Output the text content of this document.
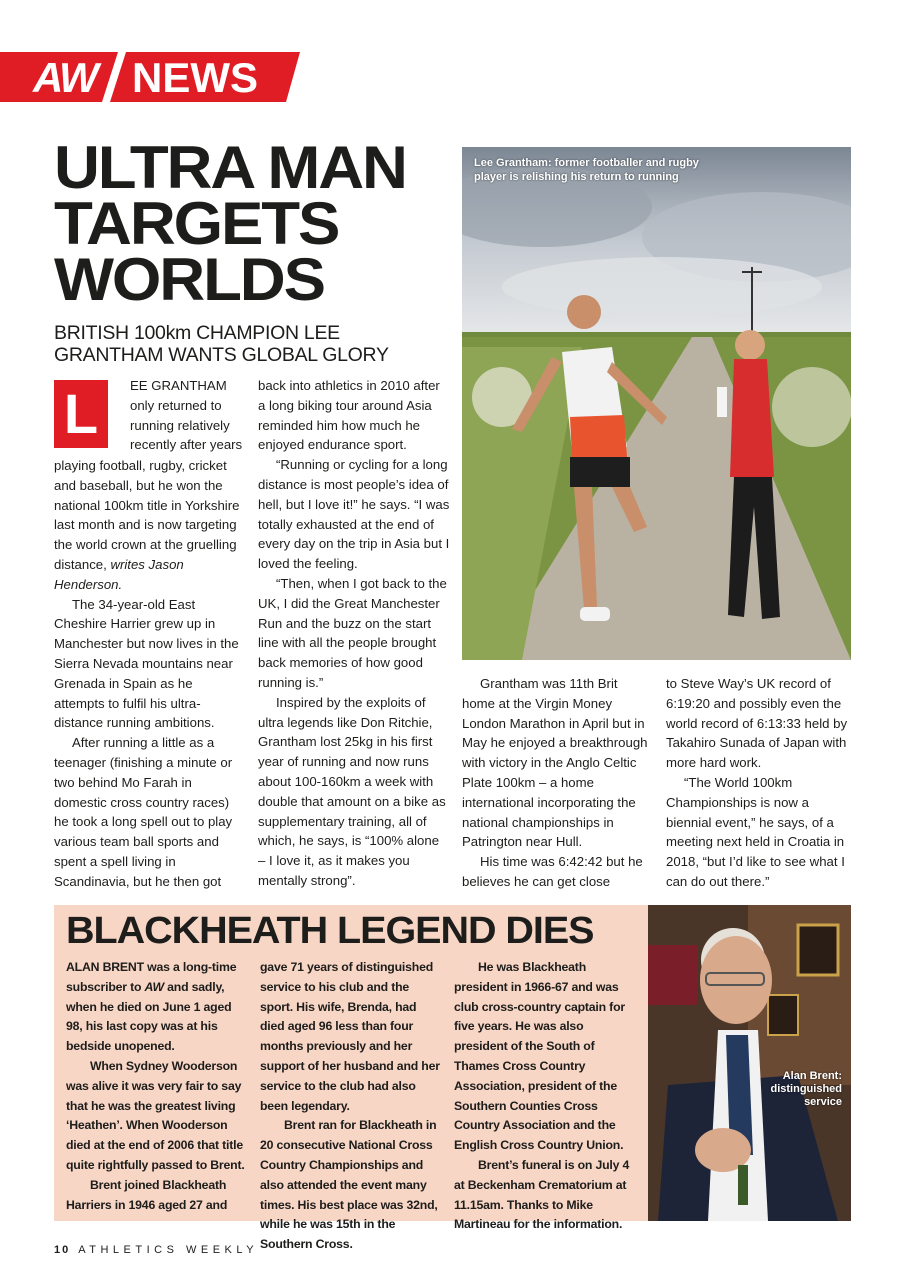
AW NEWS
ULTRA MAN
TARGETS
WORLDS
BRITISH 100km CHAMPION LEE GRANTHAM WANTS GLOBAL GLORY
Lee Grantham: former footballer and rugby player is relishing his return to running
L	EE GRANTHAM
only returned to
running relatively
recently after years

playing football, rugby, cricket and baseball, but he won the national 100km title in Yorkshire last month and is now targeting the world crown at the gruelling distance, writes Jason Henderson.

The 34-year-old East Cheshire Harrier grew up in Manchester but now lives in the Sierra Nevada mountains near Grenada in Spain as he attempts to fulfil his ultra-distance running ambitions.

After running a little as a teenager (finishing a minute or two behind Mo Farah in domestic cross country races) he took a long spell out to play various team ball sports and spent a spell living in Scandinavia, but he then got

back into athletics in 2010 after a long biking tour around Asia reminded him how much he enjoyed endurance sport.

“Running or cycling for a long distance is most people’s idea of hell, but I love it!” he says. “I was totally exhausted at the end of every day on the trip in Asia but I loved the feeling.

“Then, when I got back to the UK, I did the Great Manchester Run and the buzz on the start line with all the people brought back memories of how good running is.”

Inspired by the exploits of ultra legends like Don Ritchie, Grantham lost 25kg in his first year of running and now runs about 100-160km a week with double that amount on a bike as supplementary training, all of which, he says, is “100% alone – I love it, as it makes you mentally strong”.

Grantham was 11th Brit home at the Virgin Money London Marathon in April but in May he enjoyed a breakthrough with victory in the Anglo Celtic Plate 100km – a home international incorporating the national championships in Patrington near Hull.

His time was 6:42:42 but he believes he can get close

to Steve Way’s UK record of 6:19:20 and possibly even the world record of 6:13:33 held by Takahiro Sunada of Japan with more hard work.

“The World 100km Championships is now a biennial event,” he says, of a meeting next held in Croatia in 2018, “but I’d like to see what I can do out there.”

BLACKHEATH LEGEND DIES

ALAN BRENT was a long-time subscriber to AW and sadly, when he died on June 1 aged 98, his last copy was at his bedside unopened.

When Sydney Wooderson was alive it was very fair to say that he was the greatest living ‘Heathen’. When Wooderson died at the end of 2006 that title quite rightfully passed to Brent.

Brent joined Blackheath Harriers in 1946 aged 27 and

gave 71 years of distinguished service to his club and the sport. His wife, Brenda, had died aged 96 less than four months previously and her support of her husband and her service to the club had also been legendary.

Brent ran for Blackheath in 20 consecutive National Cross Country Championships and also attended the event many times. His best place was 32nd, while he was 15th in the Southern Cross.

He was Blackheath president in 1966-67 and was club cross-country captain for five years. He was also president of the South of Thames Cross Country Association, president of the Southern Counties Cross Country Association and the English Cross Country Union.

Brent’s funeral is on July 4 at Beckenham Crematorium at 11.15am. Thanks to Mike Martineau for the information.

Alan Brent: distinguished service
10 ATHLETICS WEEKLY
